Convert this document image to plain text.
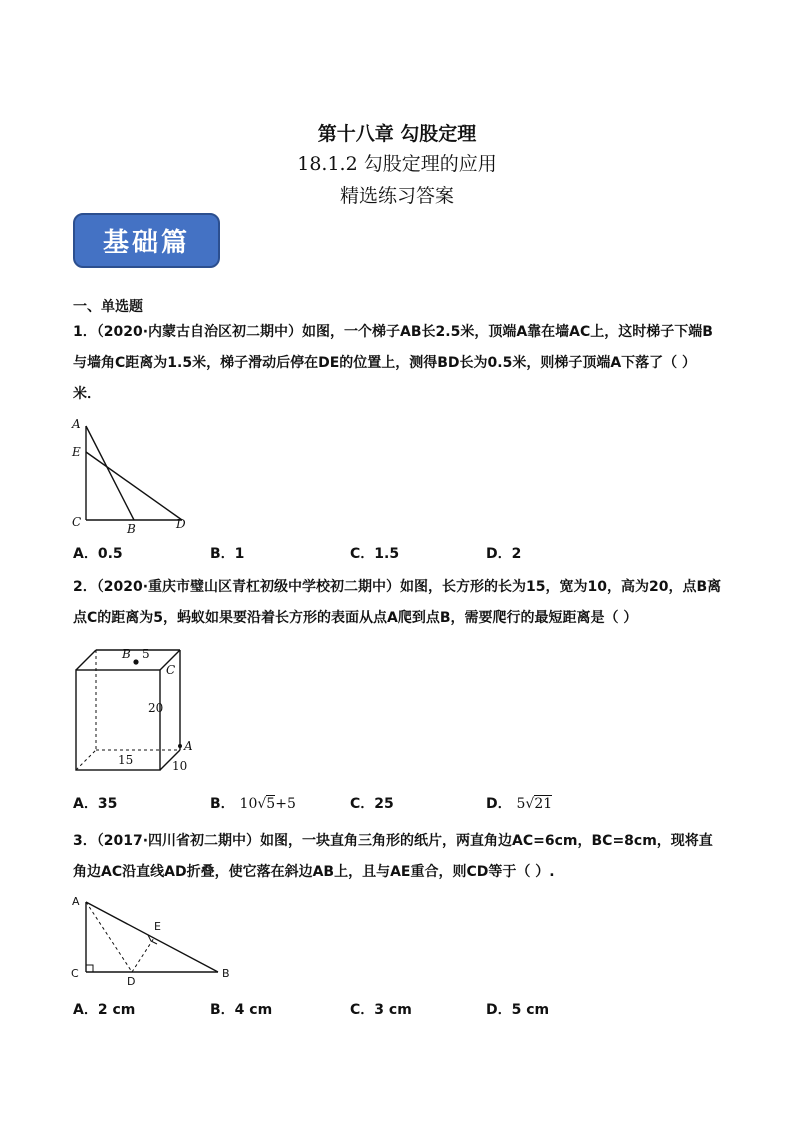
第十八章 勾股定理
18.1.2 勾股定理的应用
精选练习答案
基础篇
一、单选题
1．（2020·内蒙古自治区初二期中）如图，一个梯子AB长2.5米，顶端A靠在墙AC上，这时梯子下端B与墙角C距离为1.5米，梯子滑动后停在DE的位置上，测得BD长为0.5米，则梯子顶端A下落了（ ）米．
A
E
C	B	D
A．0.5	B．1	C．1.5	D．2
2．（2020·重庆市璧山区青杠初级中学校初二期中）如图，长方形的长为15，宽为10，高为20，点B离点C的距离为5，蚂蚁如果要沿着长方形的表面从点A爬到点B，需要爬行的最短距离是（ ）
B 5
C
20
A
15	10
A．35	B． 10√5+5	C．25	D． 5√21
3．（2017·四川省初二期中）如图，一块直角三角形的纸片，两直角边AC=6cm，BC=8cm，现将直角边AC沿直线AD折叠，使它落在斜边AB上，且与AE重合，则CD等于（ ）.
A
E
C
D
B
A．2 cm	B．4 cm	C．3 cm	D．5 cm
